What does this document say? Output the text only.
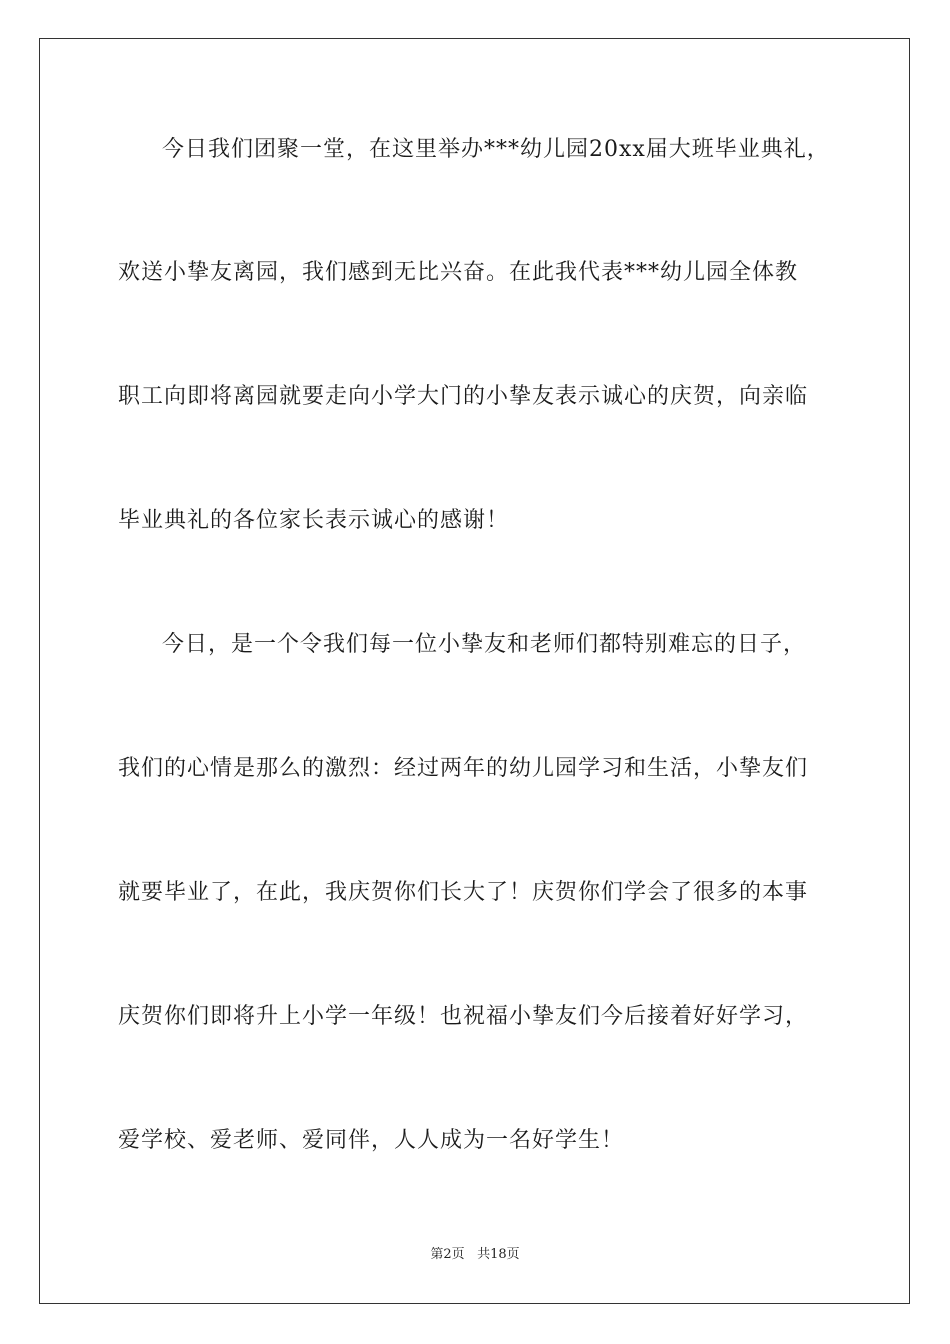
今日我们团聚一堂，在这里举办***幼儿园20xx届大班毕业典礼，
欢送小挚友离园，我们感到无比兴奋。在此我代表***幼儿园全体教
职工向即将离园就要走向小学大门的小挚友表示诚心的庆贺，向亲临
毕业典礼的各位家长表示诚心的感谢！
今日，是一个令我们每一位小挚友和老师们都特别难忘的日子，
我们的心情是那么的激烈：经过两年的幼儿园学习和生活，小挚友们
就要毕业了，在此，我庆贺你们长大了！庆贺你们学会了很多的本事
庆贺你们即将升上小学一年级！也祝福小挚友们今后接着好好学习，
爱学校、爱老师、爱同伴，人人成为一名好学生！
第2页 共18页
